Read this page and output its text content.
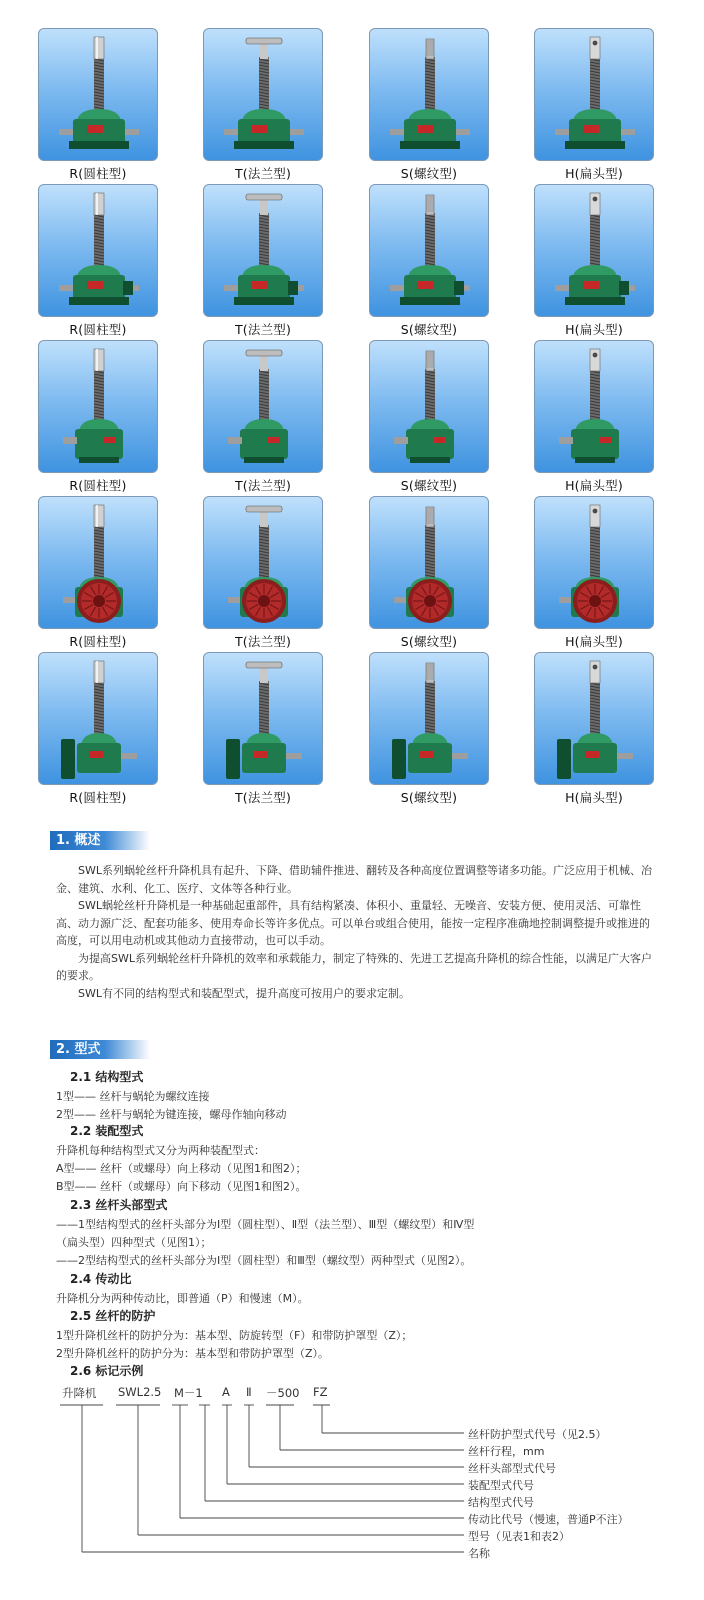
R(圆柱型)	T(法兰型)	S(螺纹型)	H(扁头型)
R(圆柱型)	T(法兰型)	S(螺纹型)	H(扁头型)
R(圆柱型)	T(法兰型)	S(螺纹型)	H(扁头型)
R(圆柱型)	T(法兰型)	S(螺纹型)	H(扁头型)
R(圆柱型)	T(法兰型)	S(螺纹型)	H(扁头型)
1. 概述

SWL系列蜗轮丝杆升降机具有起升、下降、借助辅件推进、翻转及各种高度位置调整等诸多功能。广泛应用于机械、冶金、建筑、水利、化工、医疗、文体等各种行业。

SWL蜗轮丝杆升降机是一种基础起重部件，具有结构紧凑、体积小、重量轻、无噪音、安装方便、使用灵活、可靠性高、动力源广泛、配套功能多、使用寿命长等许多优点。可以单台或组合使用，能按一定程序准确地控制调整提升或推进的高度，可以用电动机或其他动力直接带动，也可以手动。

为提高SWL系列蜗轮丝杆升降机的效率和承载能力，制定了特殊的、先进工艺提高升降机的综合性能，以满足广大客户的要求。

SWL有不同的结构型式和装配型式，提升高度可按用户的要求定制。

2. 型式
2.1 结构型式
1型—— 丝杆与蜗轮为螺纹连接
2型—— 丝杆与蜗轮为键连接，螺母作轴向移动
2.2 装配型式
升降机每种结构型式又分为两种装配型式：
A型—— 丝杆（或螺母）向上移动（见图1和图2）；
B型—— 丝杆（或螺母）向下移动（见图1和图2）。
2.3 丝杆头部型式
——1型结构型式的丝杆头部分为Ⅰ型（圆柱型）、Ⅱ型（法兰型）、Ⅲ型（螺纹型）和Ⅳ型
（扁头型）四种型式（见图1）；
——2型结构型式的丝杆头部分为Ⅰ型（圆柱型）和Ⅲ型（螺纹型）两种型式（见图2）。
2.4 传动比
升降机分为两种传动比，即普通（P）和慢速（M）。
2.5 丝杆的防护
1型升降机丝杆的防护分为：基本型、防旋转型（F）和带防护罩型（Z）；
2型升降机丝杆的防护分为：基本型和带防护罩型（Z）。
2.6 标记示例
升降机 SWL2.5 M－1 A Ⅱ －500 FZ
丝杆防护型式代号（见2.5）
丝杆行程，mm
丝杆头部型式代号
装配型式代号
结构型式代号
传动比代号（慢速，普通P不注）
型号（见表1和表2）
名称
